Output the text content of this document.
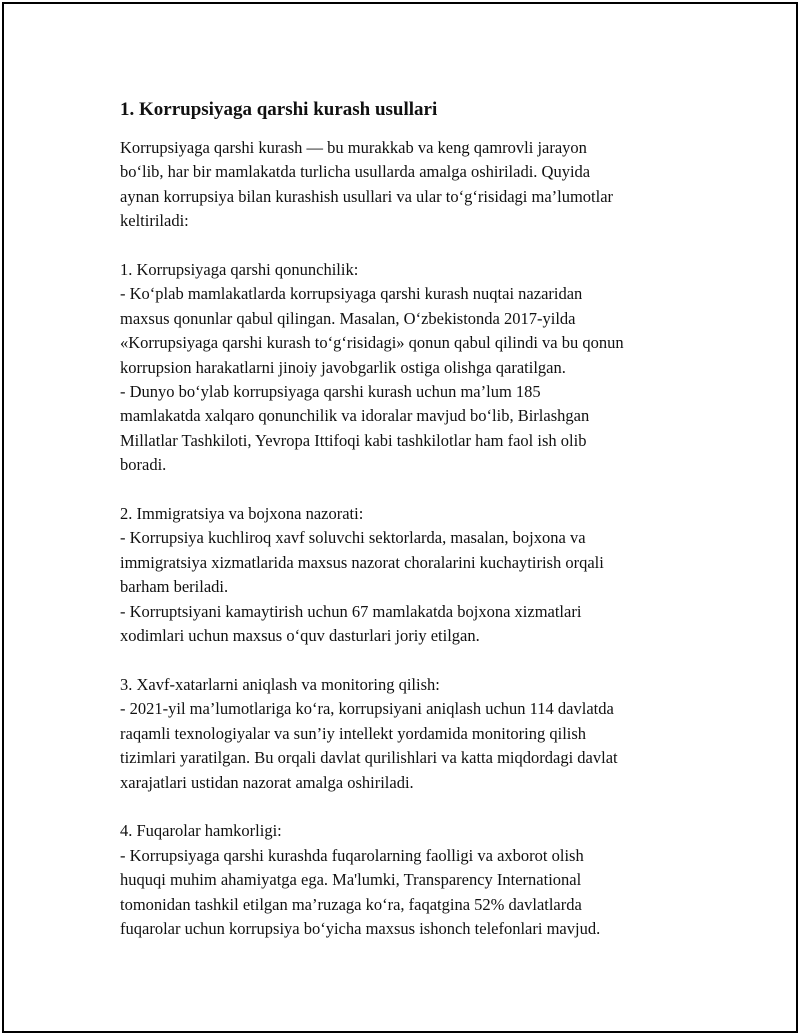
1. Korrupsiyaga qarshi kurash usullari

Korrupsiyaga qarshi kurash — bu murakkab va keng qamrovli jarayon
bo‘lib, har bir mamlakatda turlicha usullarda amalga oshiriladi. Quyida
aynan korrupsiya bilan kurashish usullari va ular to‘g‘risidagi ma’lumotlar
keltiriladi:

1. Korrupsiyaga qarshi qonunchilik:

- Ko‘plab mamlakatlarda korrupsiyaga qarshi kurash nuqtai nazaridan
maxsus qonunlar qabul qilingan. Masalan, O‘zbekistonda 2017-yilda
«Korrupsiyaga qarshi kurash to‘g‘risidagi» qonun qabul qilindi va bu qonun
korrupsion harakatlarni jinoiy javobgarlik ostiga olishga qaratilgan.
- Dunyo bo‘ylab korrupsiyaga qarshi kurash uchun ma’lum 185
mamlakatda xalqaro qonunchilik va idoralar mavjud bo‘lib, Birlashgan
Millatlar Tashkiloti, Yevropa Ittifoqi kabi tashkilotlar ham faol ish olib
boradi.

2. Immigratsiya va bojxona nazorati:

- Korrupsiya kuchliroq xavf soluvchi sektorlarda, masalan, bojxona va
immigratsiya xizmatlarida maxsus nazorat choralarini kuchaytirish orqali
barham beriladi.
- Korruptsiyani kamaytirish uchun 67 mamlakatda bojxona xizmatlari
xodimlari uchun maxsus o‘quv dasturlari joriy etilgan.

3. Xavf-xatarlarni aniqlash va monitoring qilish:

- 2021-yil ma’lumotlariga ko‘ra, korrupsiyani aniqlash uchun 114 davlatda
raqamli texnologiyalar va sun’iy intellekt yordamida monitoring qilish
tizimlari yaratilgan. Bu orqali davlat qurilishlari va katta miqdordagi davlat
xarajatlari ustidan nazorat amalga oshiriladi.

4. Fuqarolar hamkorligi:

- Korrupsiyaga qarshi kurashda fuqarolarning faolligi va axborot olish
huquqi muhim ahamiyatga ega. Ma'lumki, Transparency International
tomonidan tashkil etilgan ma’ruzaga ko‘ra, faqatgina 52% davlatlarda
fuqarolar uchun korrupsiya bo‘yicha maxsus ishonch telefonlari mavjud.
